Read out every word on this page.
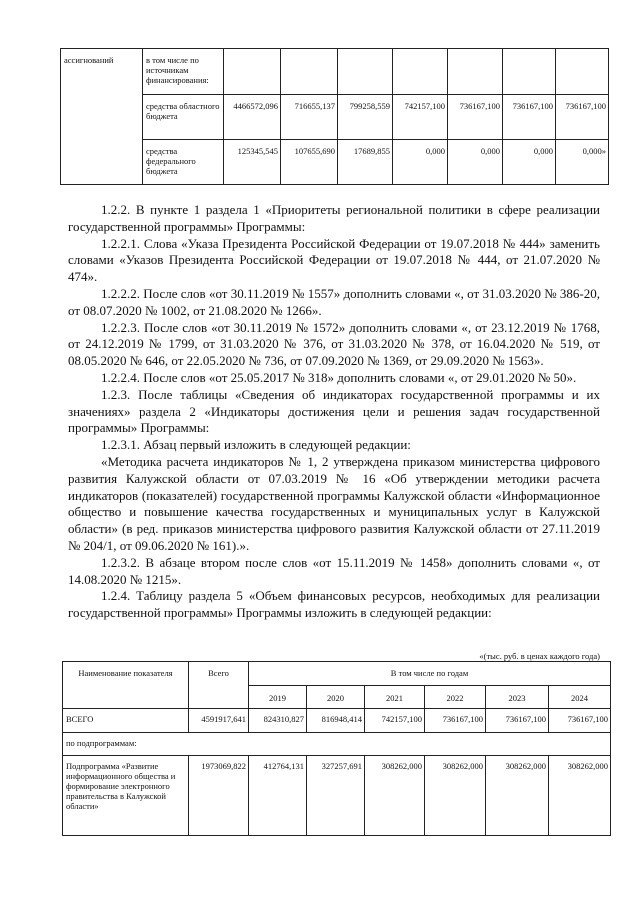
ассигнований	в том числе по источникам финансирования:							
	средства областного бюджета	4466572,096	716655,137	799258,559	742157,100	736167,100	736167,100	736167,100
	средства федерального бюджета	125345,545	107655,690	17689,855	0,000	0,000	0,000	0,000»

1.2.2. В пункте 1 раздела 1 «Приоритеты региональной политики в сфере реализации государственной программы» Программы:

1.2.2.1. Слова «Указа Президента Российской Федерации от 19.07.2018 № 444» заменить словами «Указов Президента Российской Федерации от 19.07.2018 № 444, от 21.07.2020 № 474».

1.2.2.2. После слов «от 30.11.2019 № 1557» дополнить словами «, от 31.03.2020 № 386-20, от 08.07.2020 № 1002, от 21.08.2020 № 1266».

1.2.2.3. После слов «от 30.11.2019 № 1572» дополнить словами «, от 23.12.2019 № 1768, от 24.12.2019 № 1799, от 31.03.2020 № 376, от 31.03.2020 № 378, от 16.04.2020 № 519, от 08.05.2020 № 646, от 22.05.2020 № 736, от 07.09.2020 № 1369, от 29.09.2020 № 1563».

1.2.2.4. После слов «от 25.05.2017 № 318» дополнить словами «, от 29.01.2020 № 50».

1.2.3. После таблицы «Сведения об индикаторах государственной программы и их значениях» раздела 2 «Индикаторы достижения цели и решения задач государственной программы» Программы:

1.2.3.1. Абзац первый изложить в следующей редакции:

«Методика расчета индикаторов № 1, 2 утверждена приказом министерства цифрового развития Калужской области от 07.03.2019 № 16 «Об утверждении методики расчета индикаторов (показателей) государственной программы Калужской области «Информационное общество и повышение качества государственных и муниципальных услуг в Калужской области» (в ред. приказов министерства цифрового развития Калужской области от 27.11.2019 № 204/1, от 09.06.2020 № 161).».

1.2.3.2. В абзаце втором после слов «от 15.11.2019 № 1458» дополнить словами «, от 14.08.2020 № 1215».

1.2.4. Таблицу раздела 5 «Объем финансовых ресурсов, необходимых для реализации государственной программы» Программы изложить в следующей редакции:

«(тыс. руб. в ценах каждого года)
Наименование показателя	Всего	В том числе по годам					
		2019	2020	2021	2022	2023	2024
ВСЕГО	4591917,641	824310,827	816948,414	742157,100	736167,100	736167,100	736167,100
по подпрограммам:							
Подпрограмма «Развитие информационного общества и формирование электронного правительства в Калужской области»	1973069,822	412764,131	327257,691	308262,000	308262,000	308262,000	308262,000
